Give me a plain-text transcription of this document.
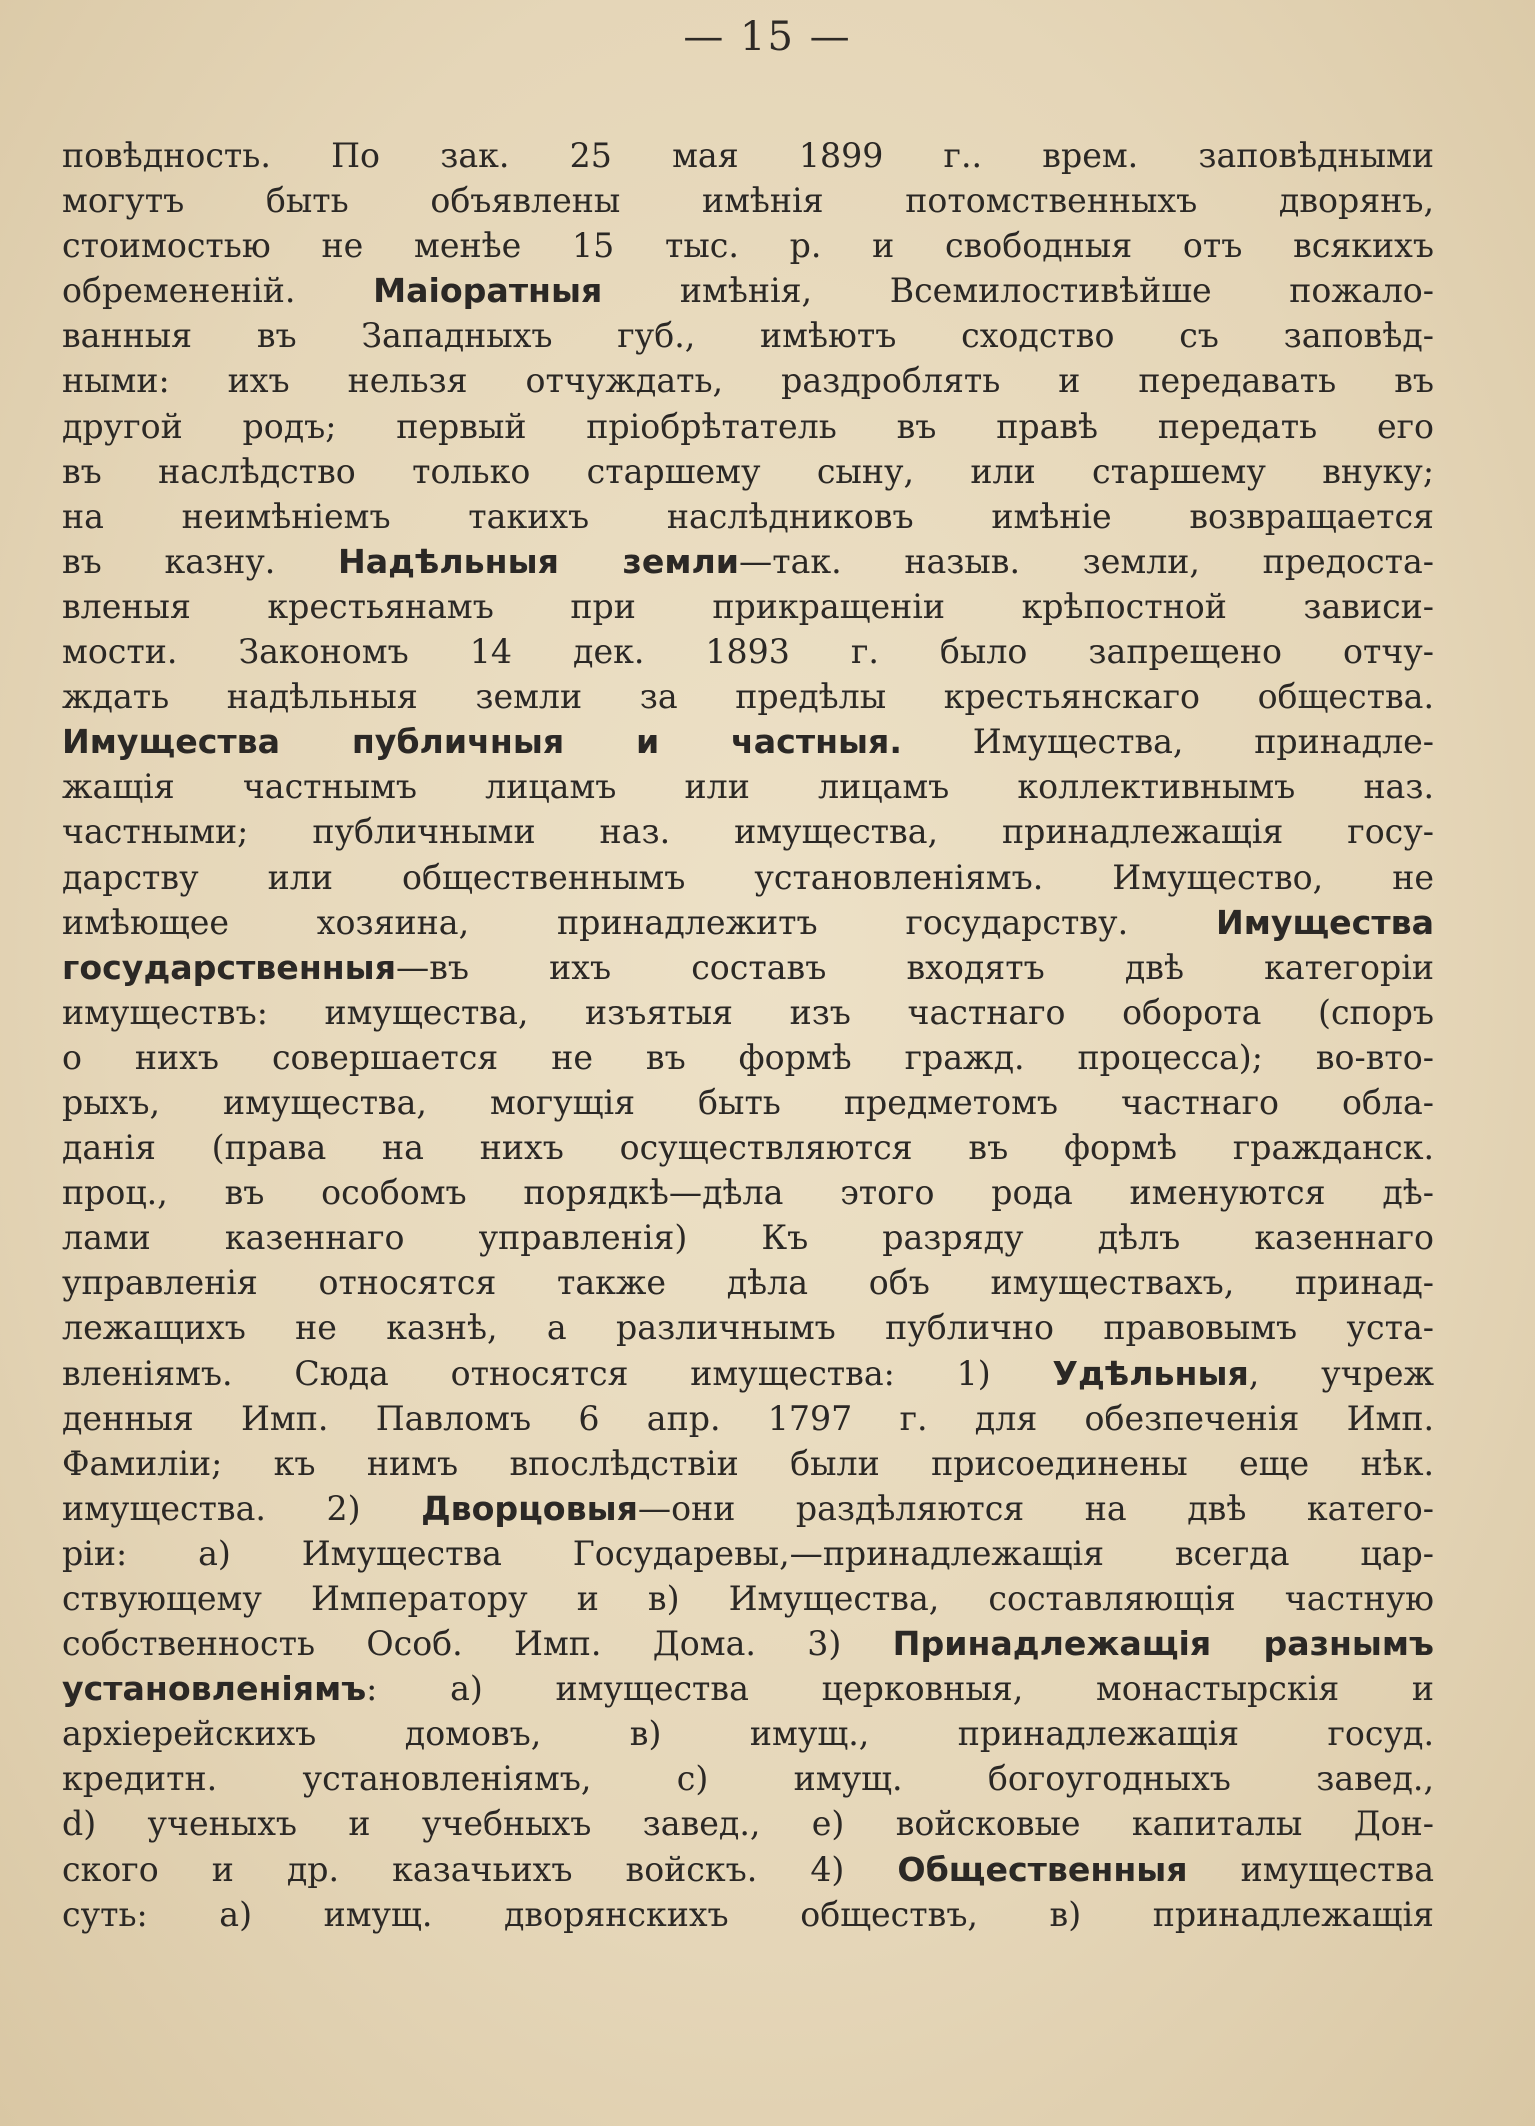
— 15 —
повѣдность. По зак. 25 мая 1899 г.. врем. заповѣдными
могутъ быть объявлены имѣнія потомственныхъ дворянъ,
стоимостью не менѣе 15 тыс. р. и свободныя отъ всякихъ
обремененій. Маіоратныя имѣнія, Всемилостивѣйше пожало-
ванныя въ Западныхъ губ., имѣютъ сходство съ заповѣд-
ными: ихъ нельзя отчуждать, раздроблять и передавать въ
другой родъ; первый пріобрѣтатель въ правѣ передать его
въ наслѣдство только старшему сыну, или старшему внуку;
на неимѣніемъ такихъ наслѣдниковъ имѣніе возвращается
въ казну. Надѣльныя земли—так. назыв. земли, предоста-
вленыя крестьянамъ при прикращеніи крѣпостной зависи-
мости. Закономъ 14 дек. 1893 г. было запрещено отчу-
ждать надѣльныя земли за предѣлы крестьянскаго общества.
Имущества публичныя и частныя. Имущества, принадле-
жащія частнымъ лицамъ или лицамъ коллективнымъ наз.
частными; публичными наз. имущества, принадлежащія госу-
дарству или общественнымъ установленіямъ. Имущество, не
имѣющее хозяина, принадлежитъ государству. Имущества
государственныя—въ ихъ составъ входятъ двѣ категоріи
имуществъ: имущества, изъятыя изъ частнаго оборота (споръ
о нихъ совершается не въ формѣ гражд. процесса); во-вто-
рыхъ, имущества, могущія быть предметомъ частнаго обла-
данія (права на нихъ осуществляются въ формѣ гражданск.
проц., въ особомъ порядкѣ—дѣла этого рода именуются дѣ-
лами казеннаго управленія) Къ разряду дѣлъ казеннаго
управленія относятся также дѣла объ имуществахъ, принад-
лежащихъ не казнѣ, а различнымъ публично правовымъ уста-
вленіямъ. Сюда относятся имущества: 1) Удѣльныя, учреж
денныя Имп. Павломъ 6 апр. 1797 г. для обезпеченія Имп.
Фамиліи; къ нимъ впослѣдствіи были присоединены еще нѣк.
имущества. 2) Дворцовыя—они раздѣляются на двѣ катего-
ріи: а) Имущества Государевы,—принадлежащія всегда цар-
ствующему Императору и в) Имущества, составляющія частную
собственность Особ. Имп. Дома. 3) Принадлежащія разнымъ
установленіямъ: а) имущества церковныя, монастырскія и
архіерейскихъ домовъ, в) имущ., принадлежащія госуд.
кредитн. установленіямъ, с) имущ. богоугодныхъ завед.,
d) ученыхъ и учебныхъ завед., е) войсковые капиталы Дон-
ского и др. казачьихъ войскъ. 4) Общественныя имущества
суть: а) имущ. дворянскихъ обществъ, в) принадлежащія
